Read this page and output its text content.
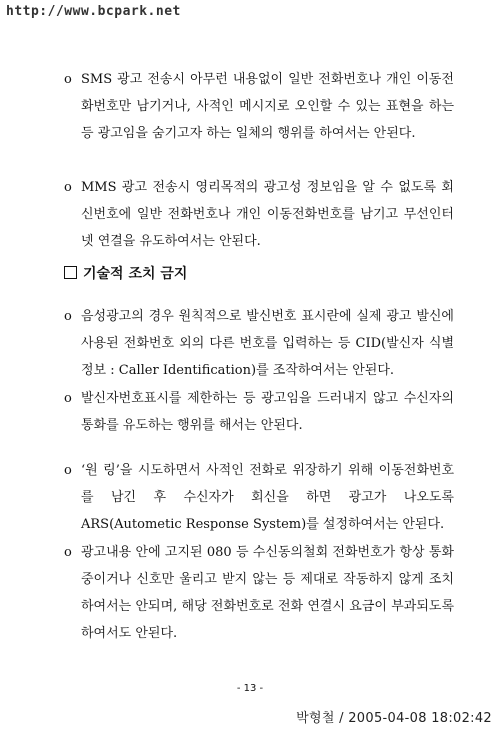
http://www.bcpark.net
o SMS 광고 전송시 아무런 내용없이 일반 전화번호나 개인 이동전화번호만 남기거나, 사적인 메시지로 오인할 수 있는 표현을 하는 등 광고임을 숨기고자 하는 일체의 행위를 하여서는 안된다.
o MMS 광고 전송시 영리목적의 광고성 정보임을 알 수 없도록 회신번호에 일반 전화번호나 개인 이동전화번호를 남기고 무선인터넷 연결을 유도하여서는 안된다.
기술적 조치 금지
o 음성광고의 경우 원칙적으로 발신번호 표시란에 실제 광고 발신에 사용된 전화번호 외의 다른 번호를 입력하는 등 CID(발신자 식별정보 : Caller Identification)를 조작하여서는 안된다.
o 발신자번호표시를 제한하는 등 광고임을 드러내지 않고 수신자의 통화를 유도하는 행위를 해서는 안된다.
o ‘원 링’을 시도하면서 사적인 전화로 위장하기 위해 이동전화번호를 남긴 후 수신자가 회신을 하면 광고가 나오도록 ARS(Autometic Response System)를 설정하여서는 안된다.
o 광고내용 안에 고지된 080 등 수신동의철회 전화번호가 항상 통화중이거나 신호만 울리고 받지 않는 등 제대로 작동하지 않게 조치하여서는 안되며, 해당 전화번호로 전화 연결시 요금이 부과되도록 하여서도 안된다.
- 13 -
박형철 / 2005-04-08 18:02:42
